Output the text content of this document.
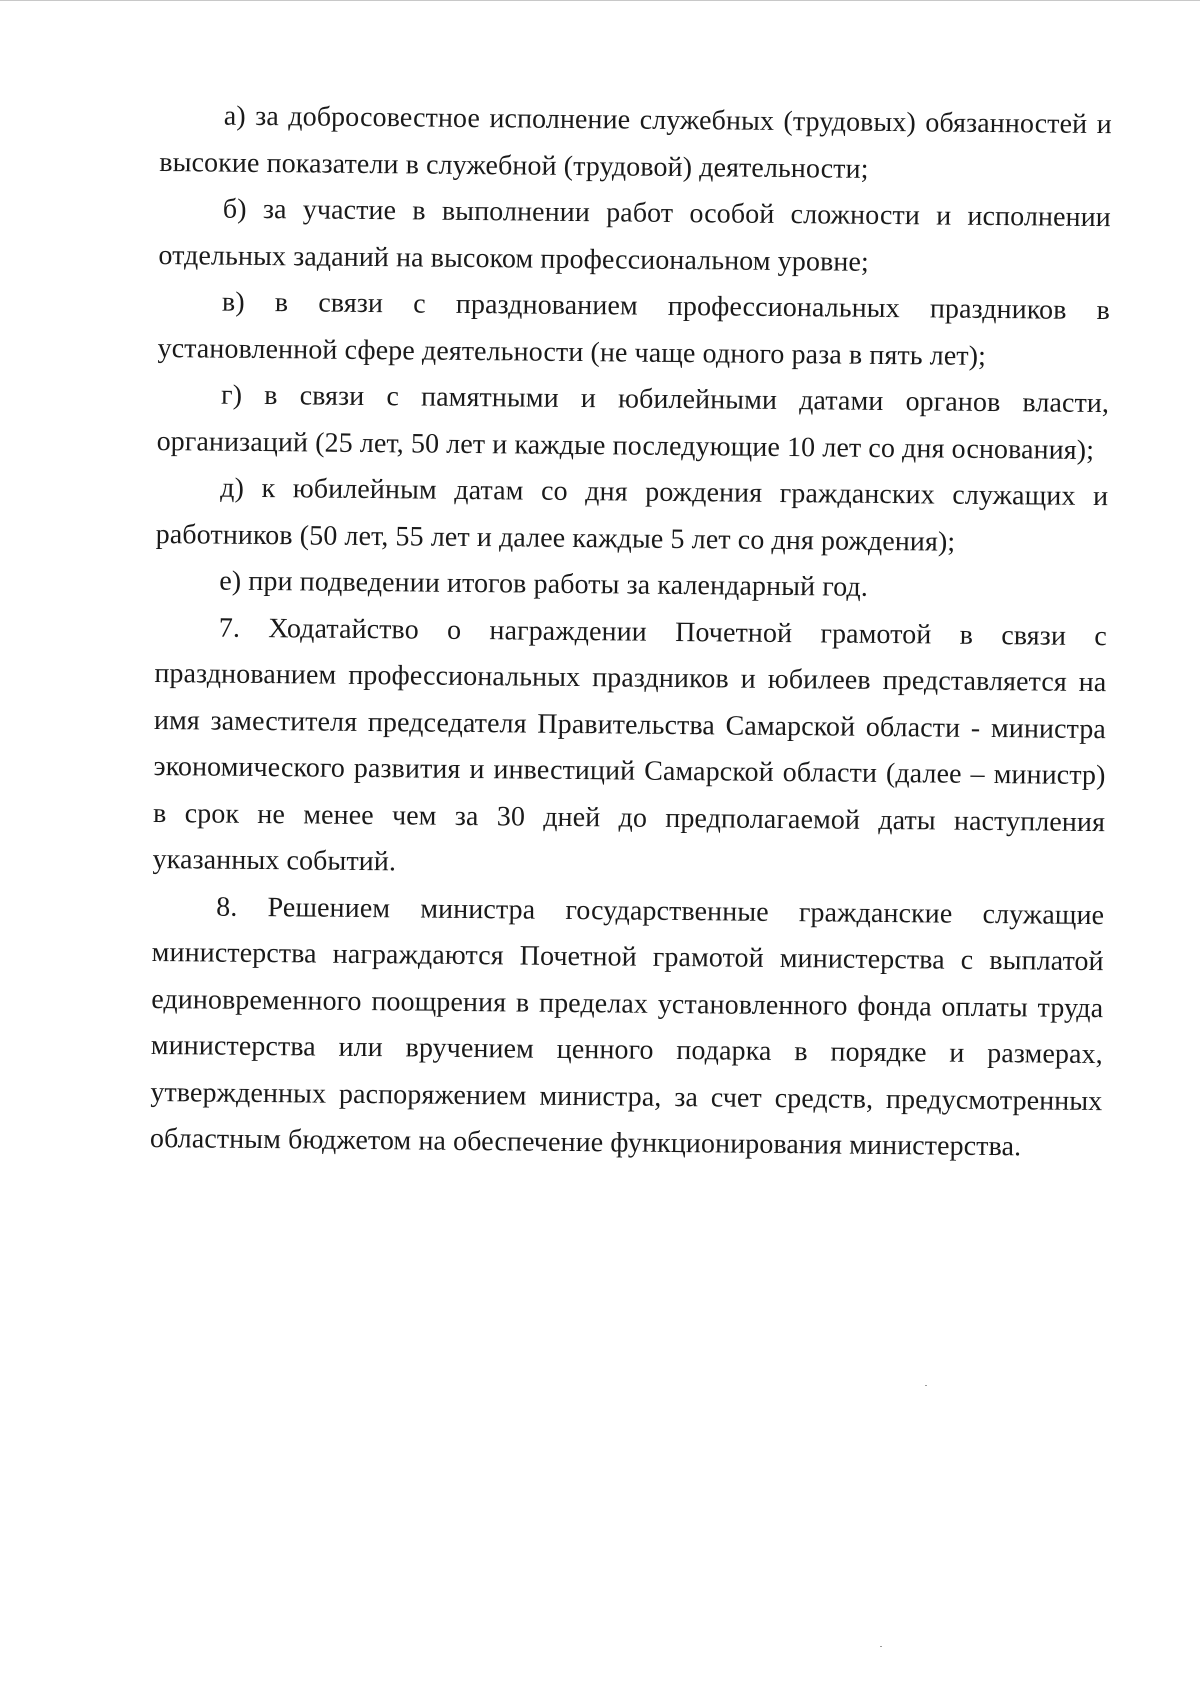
а) за добросовестное исполнение служебных (трудовых) обязанностей и высокие показатели в служебной (трудовой) деятельности;

б) за участие в выполнении работ особой сложности и исполнении отдельных заданий на высоком профессиональном уровне;

в) в связи с празднованием профессиональных праздников в установленной сфере деятельности (не чаще одного раза в пять лет);

г) в связи с памятными и юбилейными датами органов власти, организаций (25 лет, 50 лет и каждые последующие 10 лет со дня основания);

д) к юбилейным датам со дня рождения гражданских служащих и работников (50 лет, 55 лет и далее каждые 5 лет со дня рождения);

е) при подведении итогов работы за календарный год.

7. Ходатайство о награждении Почетной грамотой в связи с празднованием профессиональных праздников и юбилеев представляется на имя заместителя председателя Правительства Самарской области - министра экономического развития и инвестиций Самарской области (далее – министр) в срок не менее чем за 30 дней до предполагаемой даты наступления указанных событий.

8. Решением министра государственные гражданские служащие министерства награждаются Почетной грамотой министерства с выплатой единовременного поощрения в пределах установленного фонда оплаты труда министерства или вручением ценного подарка в порядке и размерах, утвержденных распоряжением министра, за счет средств, предусмотренных областным бюджетом на обеспечение функционирования министерства.
